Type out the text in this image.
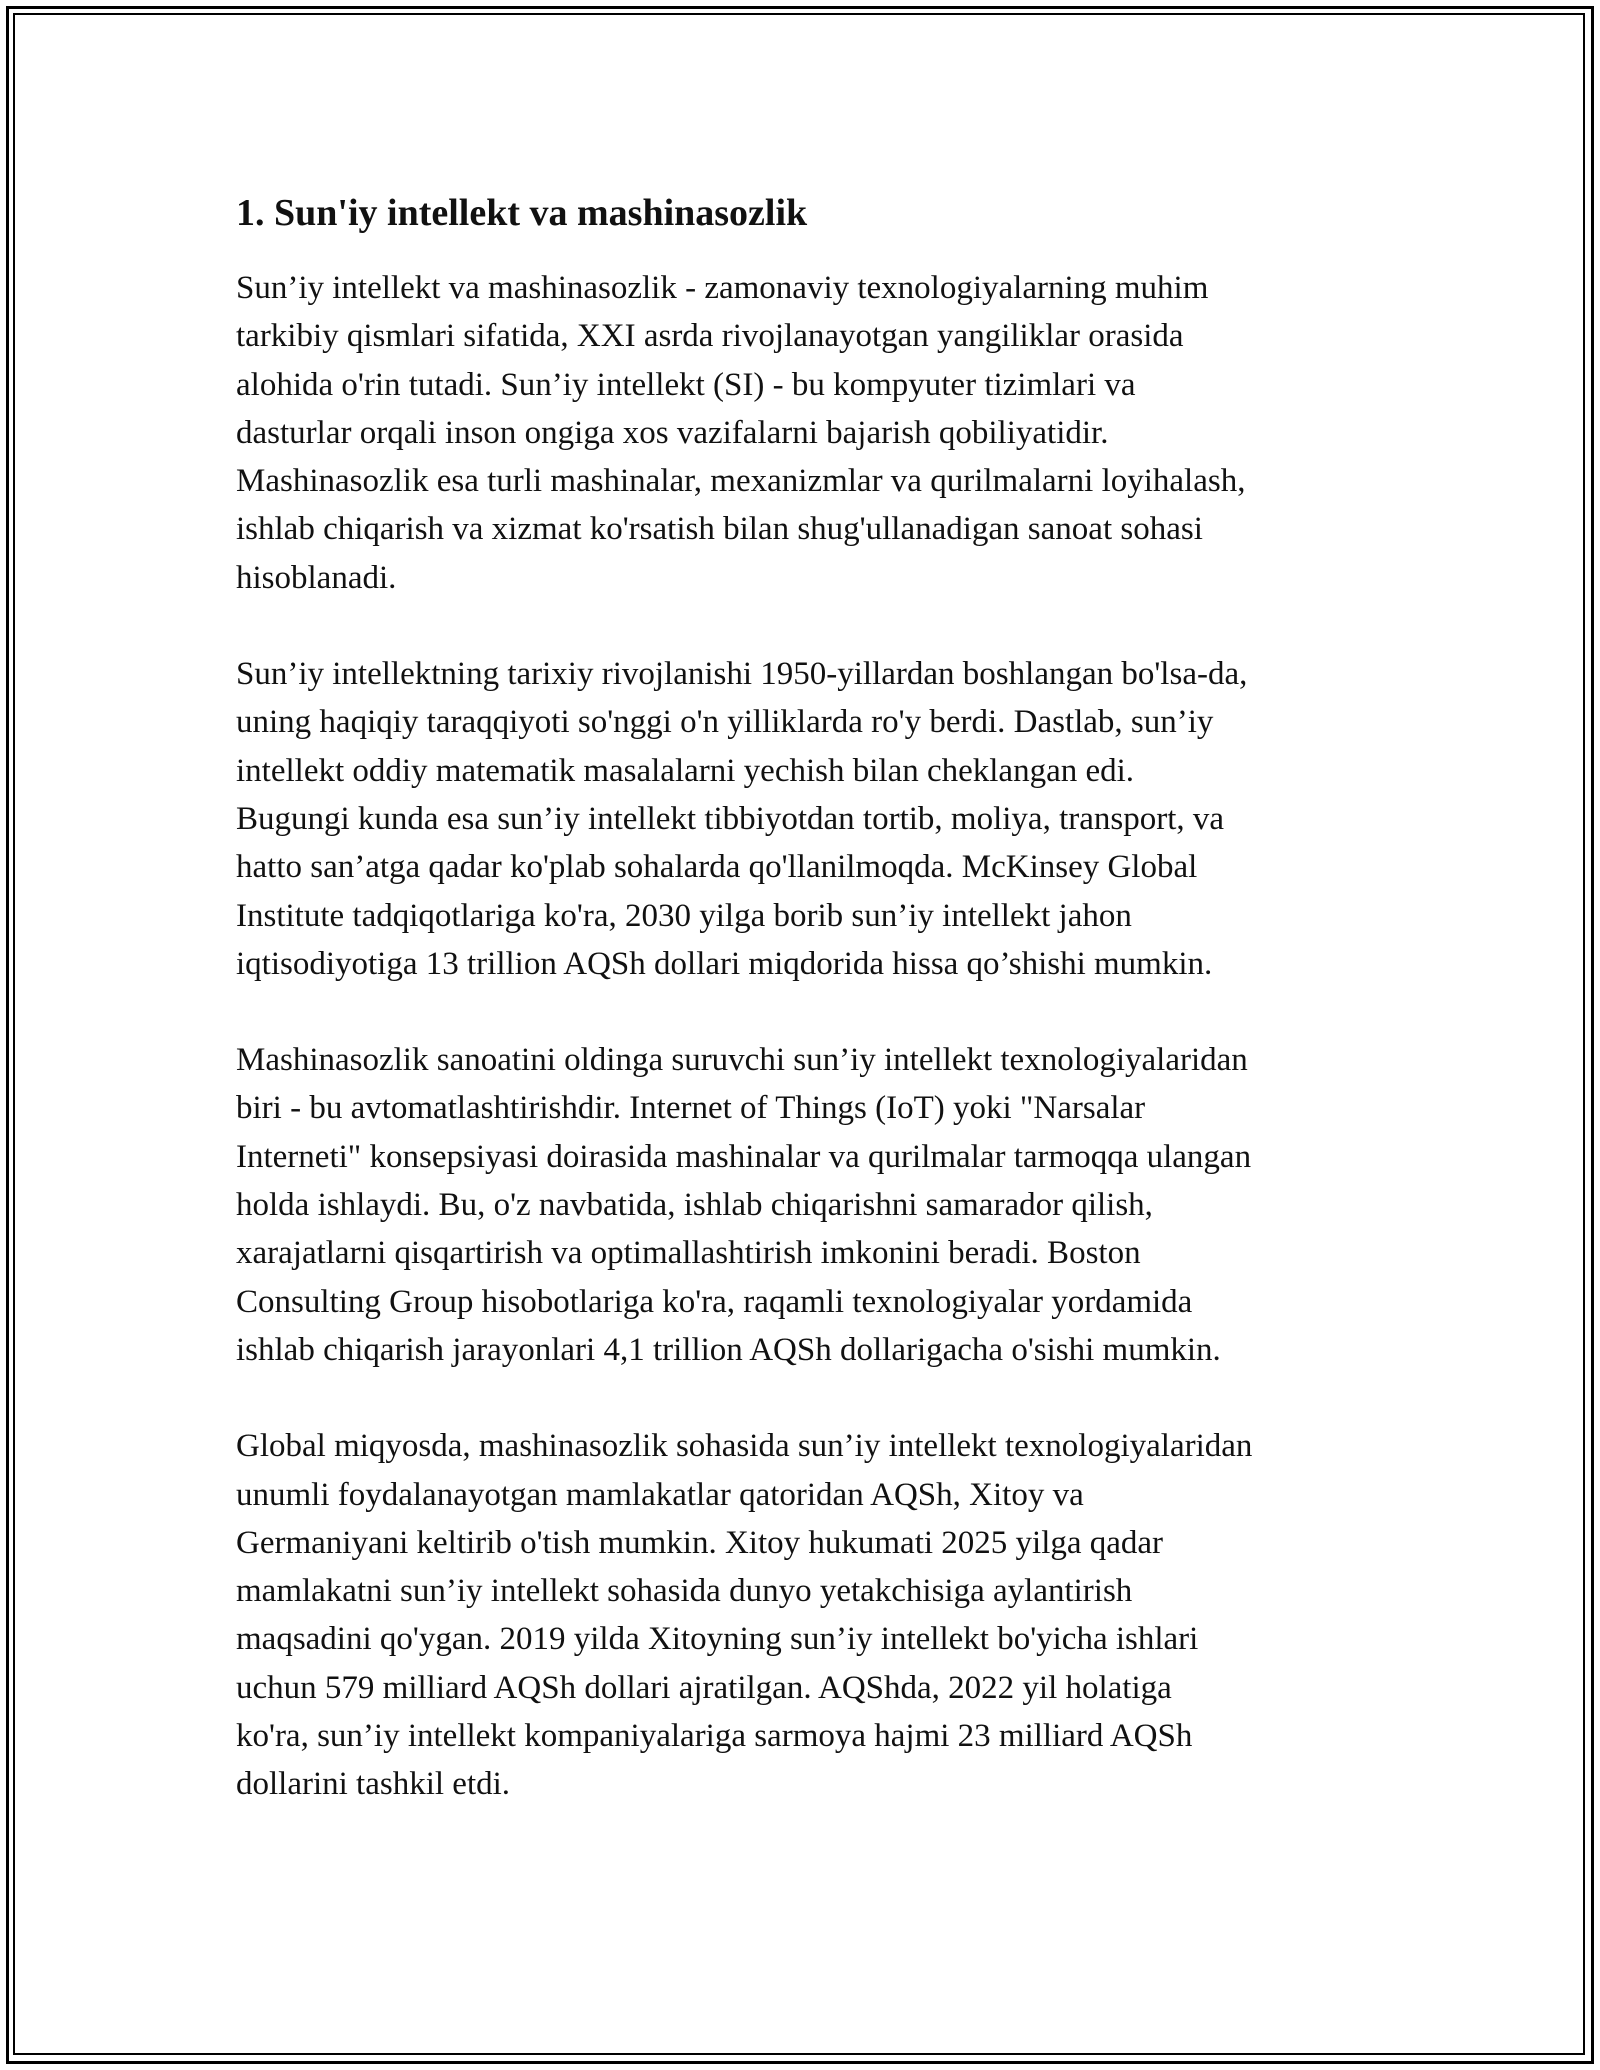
1. Sun'iy intellekt va mashinasozlik

Sun’iy intellekt va mashinasozlik - zamonaviy texnologiyalarning muhim
tarkibiy qismlari sifatida, XXI asrda rivojlanayotgan yangiliklar orasida
alohida o'rin tutadi. Sun’iy intellekt (SI) - bu kompyuter tizimlari va
dasturlar orqali inson ongiga xos vazifalarni bajarish qobiliyatidir.
Mashinasozlik esa turli mashinalar, mexanizmlar va qurilmalarni loyihalash,
ishlab chiqarish va xizmat ko'rsatish bilan shug'ullanadigan sanoat sohasi
hisoblanadi.

Sun’iy intellektning tarixiy rivojlanishi 1950-yillardan boshlangan bo'lsa-da,
uning haqiqiy taraqqiyoti so'nggi o'n yilliklarda ro'y berdi. Dastlab, sun’iy
intellekt oddiy matematik masalalarni yechish bilan cheklangan edi.
Bugungi kunda esa sun’iy intellekt tibbiyotdan tortib, moliya, transport, va
hatto san’atga qadar ko'plab sohalarda qo'llanilmoqda. McKinsey Global
Institute tadqiqotlariga ko'ra, 2030 yilga borib sun’iy intellekt jahon
iqtisodiyotiga 13 trillion AQSh dollari miqdorida hissa qo’shishi mumkin.

Mashinasozlik sanoatini oldinga suruvchi sun’iy intellekt texnologiyalaridan
biri - bu avtomatlashtirishdir. Internet of Things (IoT) yoki "Narsalar
Interneti" konsepsiyasi doirasida mashinalar va qurilmalar tarmoqqa ulangan
holda ishlaydi. Bu, o'z navbatida, ishlab chiqarishni samarador qilish,
xarajatlarni qisqartirish va optimallashtirish imkonini beradi. Boston
Consulting Group hisobotlariga ko'ra, raqamli texnologiyalar yordamida
ishlab chiqarish jarayonlari 4,1 trillion AQSh dollarigacha o'sishi mumkin.

Global miqyosda, mashinasozlik sohasida sun’iy intellekt texnologiyalaridan
unumli foydalanayotgan mamlakatlar qatoridan AQSh, Xitoy va
Germaniyani keltirib o'tish mumkin. Xitoy hukumati 2025 yilga qadar
mamlakatni sun’iy intellekt sohasida dunyo yetakchisiga aylantirish
maqsadini qo'ygan. 2019 yilda Xitoyning sun’iy intellekt bo'yicha ishlari
uchun 579 milliard AQSh dollari ajratilgan. AQShda, 2022 yil holatiga
ko'ra, sun’iy intellekt kompaniyalariga sarmoya hajmi 23 milliard AQSh
dollarini tashkil etdi.
